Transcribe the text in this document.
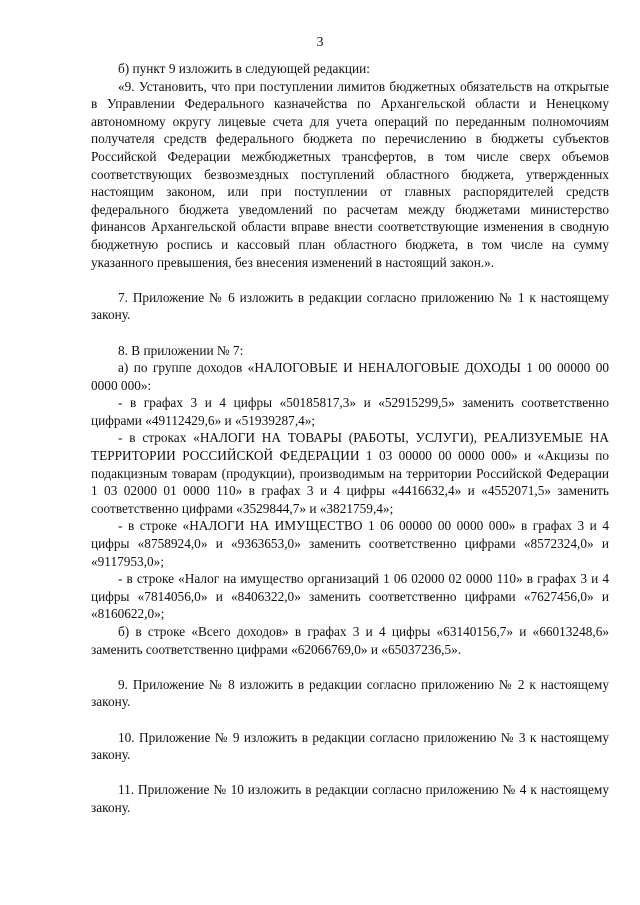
3

б) пункт 9 изложить в следующей редакции:

«9. Установить, что при поступлении лимитов бюджетных обязательств на открытые в Управлении Федерального казначейства по Архангельской области и Ненецкому автономному округу лицевые счета для учета операций по переданным полномочиям получателя средств федерального бюджета по перечислению в бюджеты субъектов Российской Федерации межбюджетных трансфертов, в том числе сверх объемов соответствующих безвозмездных поступлений областного бюджета, утвержденных настоящим законом, или при поступлении от главных распорядителей средств федерального бюджета уведомлений по расчетам между бюджетами министерство финансов Архангельской области вправе внести соответствующие изменения в сводную бюджетную роспись и кассовый план областного бюджета, в том числе на сумму указанного превышения, без внесения изменений в настоящий закон.».

7. Приложение № 6 изложить в редакции согласно приложению № 1 к настоящему закону.

8. В приложении № 7:

а) по группе доходов «НАЛОГОВЫЕ И НЕНАЛОГОВЫЕ ДОХОДЫ 1 00 00000 00 0000 000»:

- в графах 3 и 4 цифры «50185817,3» и «52915299,5» заменить соответственно цифрами «49112429,6» и «51939287,4»;

- в строках «НАЛОГИ НА ТОВАРЫ (РАБОТЫ, УСЛУГИ), РЕАЛИЗУЕМЫЕ НА ТЕРРИТОРИИ РОССИЙСКОЙ ФЕДЕРАЦИИ 1 03 00000 00 0000 000» и «Акцизы по подакцизным товарам (продукции), производимым на территории Российской Федерации 1 03 02000 01 0000 110» в графах 3 и 4 цифры «4416632,4» и «4552071,5» заменить соответственно цифрами «3529844,7» и «3821759,4»;

- в строке «НАЛОГИ НА ИМУЩЕСТВО 1 06 00000 00 0000 000» в графах 3 и 4 цифры «8758924,0» и «9363653,0» заменить соответственно цифрами «8572324,0» и «9117953,0»;

- в строке «Налог на имущество организаций 1 06 02000 02 0000 110» в графах 3 и 4 цифры «7814056,0» и «8406322,0» заменить соответственно цифрами «7627456,0» и «8160622,0»;

б) в строке «Всего доходов» в графах 3 и 4 цифры «63140156,7» и «66013248,6» заменить соответственно цифрами «62066769,0» и «65037236,5».

9. Приложение № 8 изложить в редакции согласно приложению № 2 к настоящему закону.

10. Приложение № 9 изложить в редакции согласно приложению № 3 к настоящему закону.

11. Приложение № 10 изложить в редакции согласно приложению № 4 к настоящему закону.
